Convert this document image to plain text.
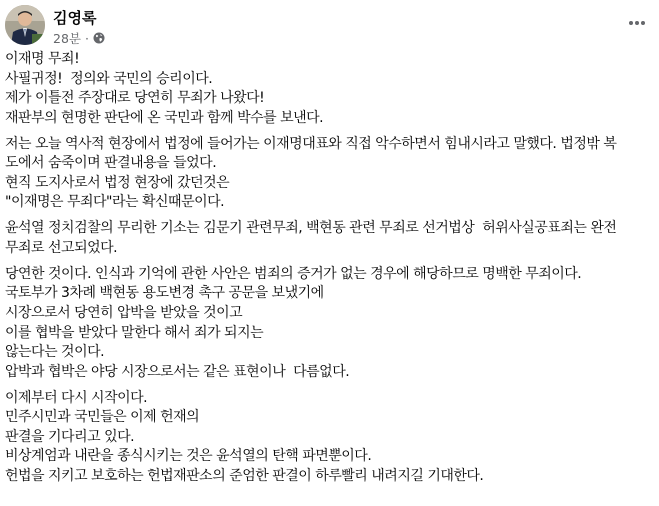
김영록
28분 ·
이재명 무죄!
사필귀정!  정의와 국민의 승리이다.
제가 이틀전 주장대로 당연히 무죄가 나왔다!
재판부의 현명한 판단에 온 국민과 함께 박수를 보낸다.
저는 오늘 역사적 현장에서 법정에 들어가는 이재명대표와 직접 악수하면서 힘내시라고 말했다. 법정밖 복
도에서 숨죽이며 판결내용을 들었다.
현직 도지사로서 법정 현장에 갔던것은
"이재명은 무죄다"라는 확신때문이다.
윤석열 정치검찰의 무리한 기소는 김문기 관련무죄, 백현동 관련 무죄로 선거법상  허위사실공표죄는 완전
무죄로 선고되었다.
당연한 것이다. 인식과 기억에 관한 사안은 범죄의 증거가 없는 경우에 해당하므로 명백한 무죄이다.
국토부가 3차례 백현동 용도변경 촉구 공문을 보냈기에
시장으로서 당연히 압박을 받았을 것이고
이를 협박을 받았다 말한다 해서 죄가 되지는
않는다는 것이다.
압박과 협박은 야당 시장으로서는 같은 표현이나  다름없다.
이제부터 다시 시작이다.
민주시민과 국민들은 이제 헌재의
판결을 기다리고 있다.
비상계엄과 내란을 종식시키는 것은 윤석열의 탄핵 파면뿐이다.
헌법을 지키고 보호하는 헌법재판소의 준엄한 판결이 하루빨리 내려지길 기대한다.
